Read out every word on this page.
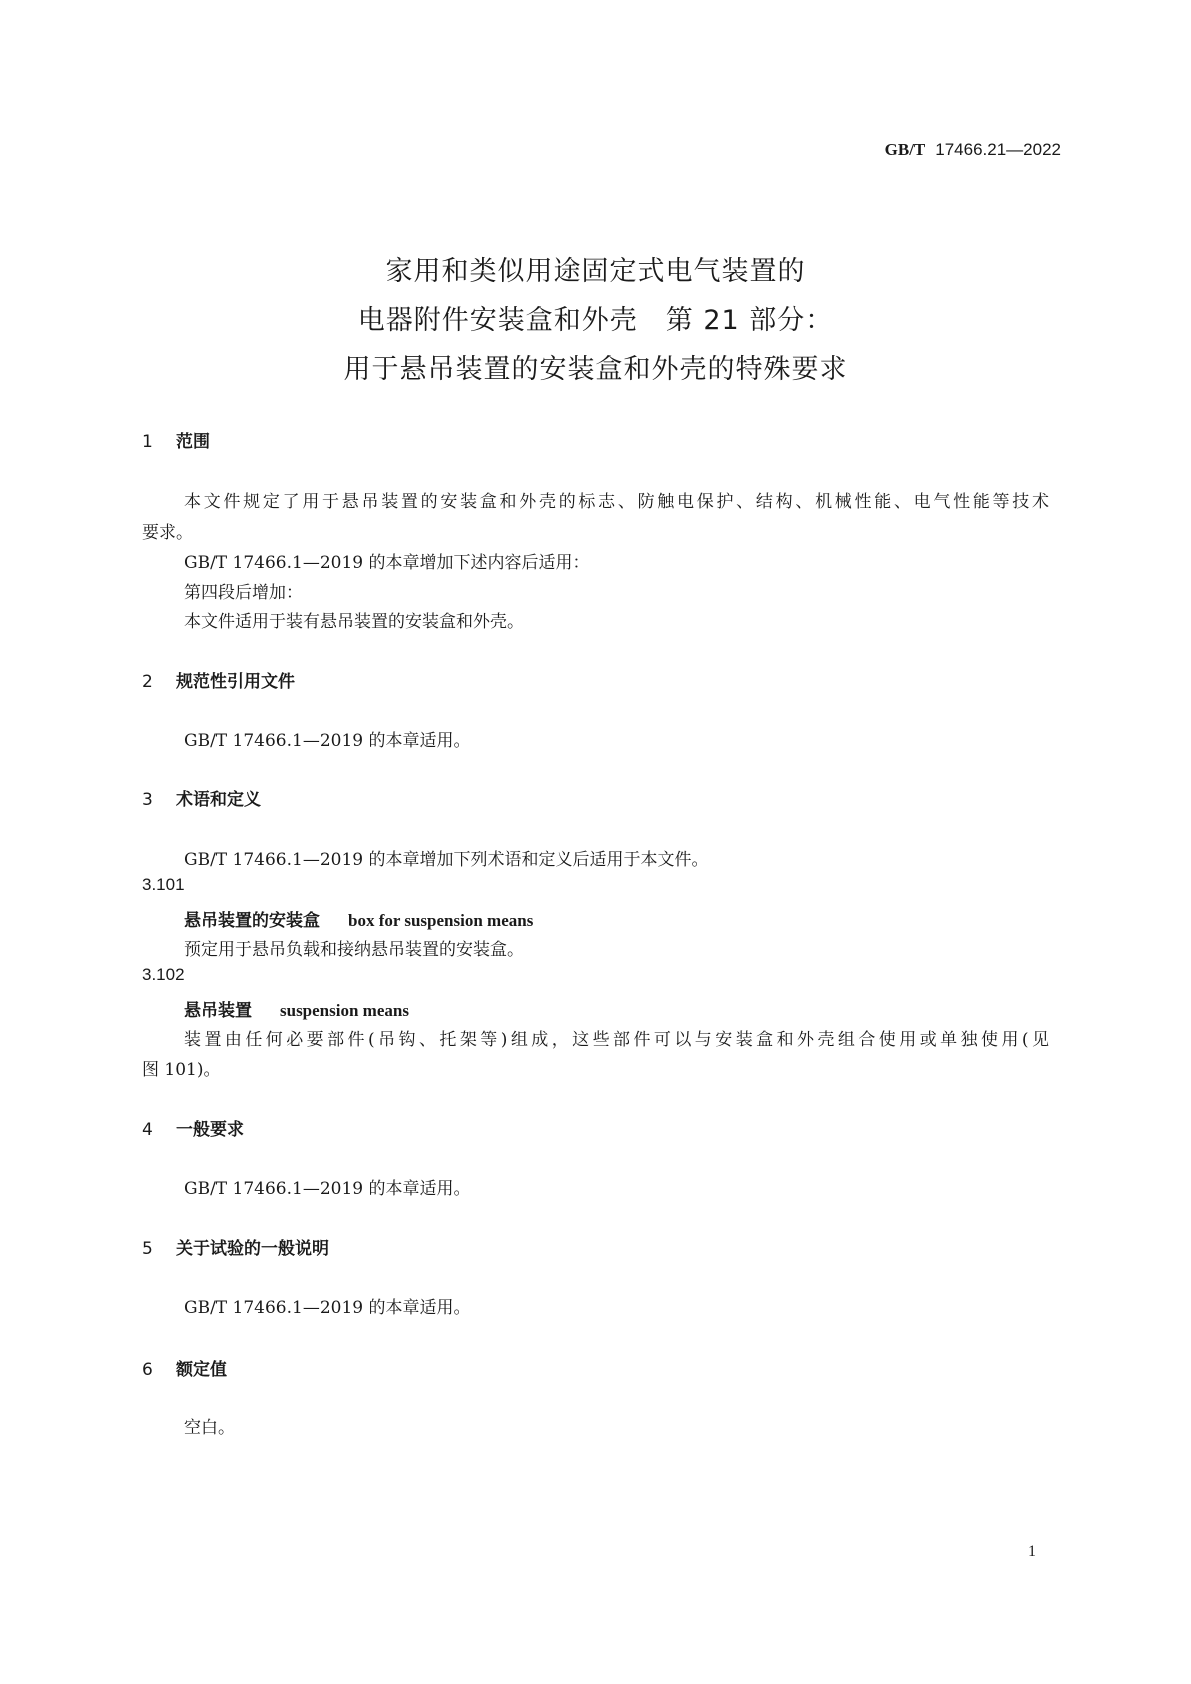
GB/T 17466.21—2022
家用和类似用途固定式电气装置的
电器附件安装盒和外壳　第 21 部分：
用于悬吊装置的安装盒和外壳的特殊要求
1 范围
本文件规定了用于悬吊装置的安装盒和外壳的标志、防触电保护、结构、机械性能、电气性能等技术
要求。
GB/T 17466.1—2019 的本章增加下述内容后适用：
第四段后增加：
本文件适用于装有悬吊装置的安装盒和外壳。
2 规范性引用文件
GB/T 17466.1—2019 的本章适用。
3 术语和定义
GB/T 17466.1—2019 的本章增加下列术语和定义后适用于本文件。
3.101
悬吊装置的安装盒 box for suspension means
预定用于悬吊负载和接纳悬吊装置的安装盒。
3.102
悬吊装置 suspension means
装置由任何必要部件(吊钩、托架等)组成，这些部件可以与安装盒和外壳组合使用或单独使用(见
图 101)。
4 一般要求
GB/T 17466.1—2019 的本章适用。
5 关于试验的一般说明
GB/T 17466.1—2019 的本章适用。
6 额定值
空白。
1
